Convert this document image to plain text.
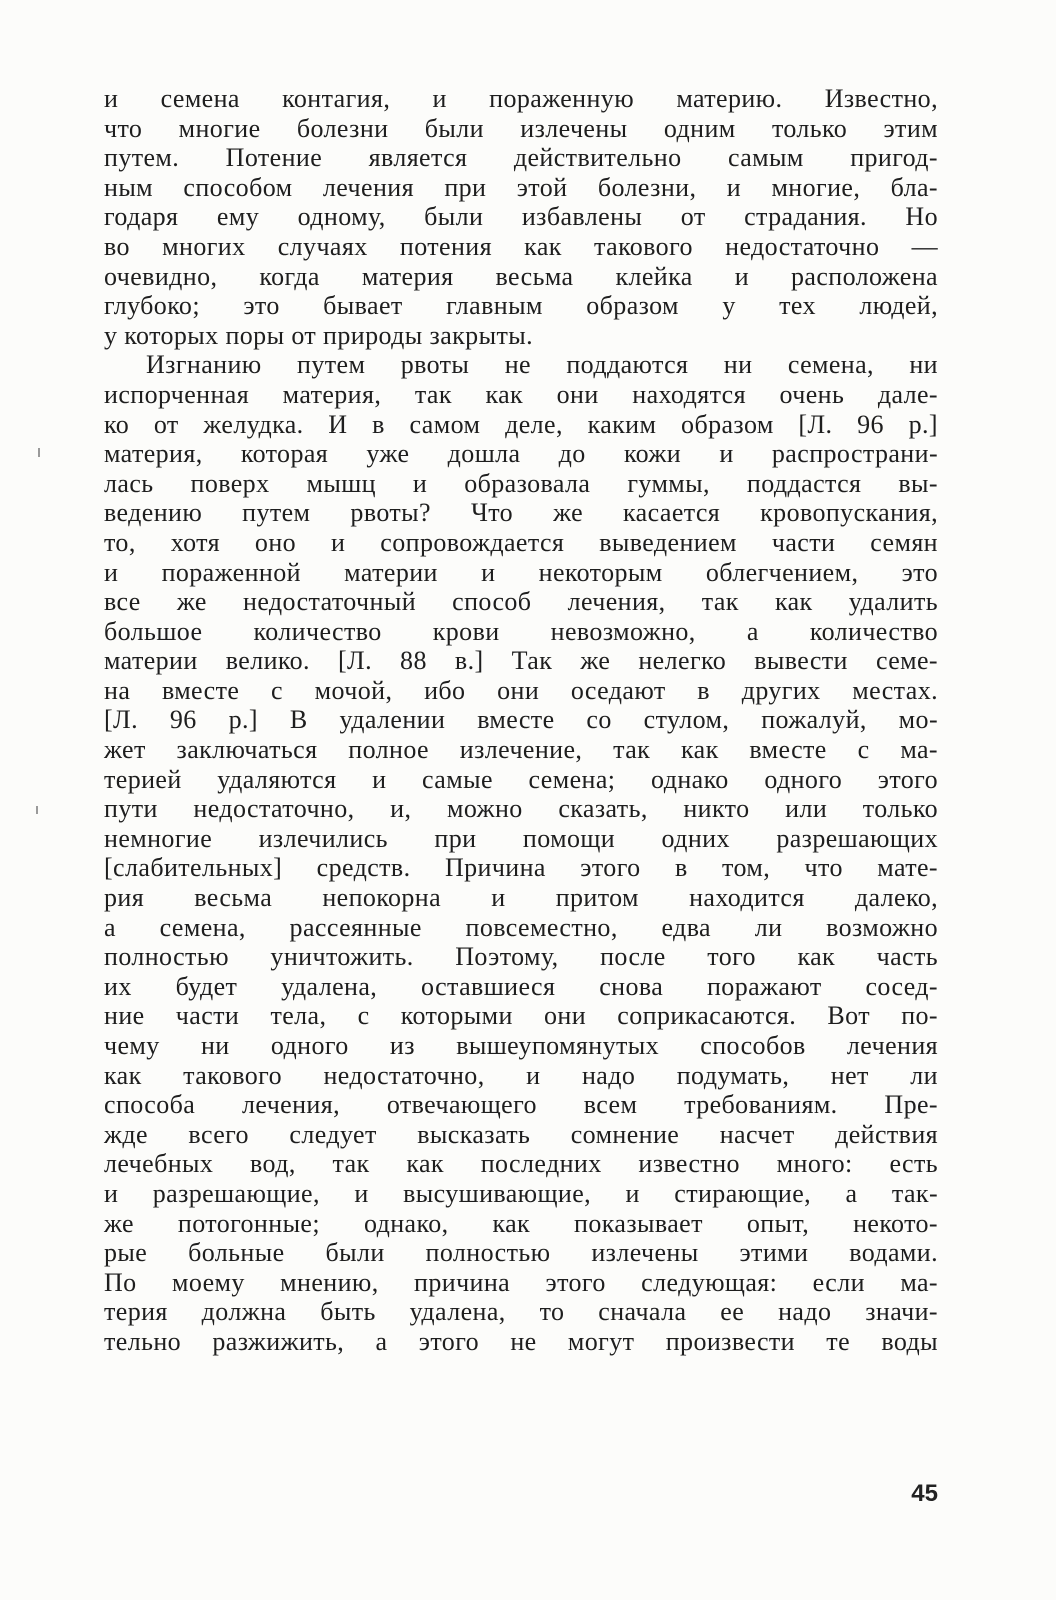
и семена контагия, и пораженную материю. Известно,
что многие болезни были излечены одним только этим
путем. Потение является действительно самым пригод-
ным способом лечения при этой болезни, и многие, бла-
годаря ему одному, были избавлены от страдания. Но
во многих случаях потения как такового недостаточно —
очевидно, когда материя весьма клейка и расположена
глубоко; это бывает главным образом у тех людей,
у которых поры от природы закрыты.
Изгнанию путем рвоты не поддаются ни семена, ни
испорченная материя, так как они находятся очень дале-
ко от желудка. И в самом деле, каким образом [Л. 96 р.]
материя, которая уже дошла до кожи и распространи-
лась поверх мышц и образовала гуммы, поддастся вы-
ведению путем рвоты? Что же касается кровопускания,
то, хотя оно и сопровождается выведением части семян
и пораженной материи и некоторым облегчением, это
все же недостаточный способ лечения, так как удалить
большое количество крови невозможно, а количество
материи велико. [Л. 88 в.] Так же нелегко вывести семе-
на вместе с мочой, ибо они оседают в других местах.
[Л. 96 р.] В удалении вместе со стулом, пожалуй, мо-
жет заключаться полное излечение, так как вместе с ма-
терией удаляются и самые семена; однако одного этого
пути недостаточно, и, можно сказать, никто или только
немногие излечились при помощи одних разрешающих
[слабительных] средств. Причина этого в том, что мате-
рия весьма непокорна и притом находится далеко,
а семена, рассеянные повсеместно, едва ли возможно
полностью уничтожить. Поэтому, после того как часть
их будет удалена, оставшиеся снова поражают сосед-
ние части тела, с которыми они соприкасаются. Вот по-
чему ни одного из вышеупомянутых способов лечения
как такового недостаточно, и надо подумать, нет ли
способа лечения, отвечающего всем требованиям. Пре-
жде всего следует высказать сомнение насчет действия
лечебных вод, так как последних известно много: есть
и разрешающие, и высушивающие, и стирающие, а так-
же потогонные; однако, как показывает опыт, некото-
рые больные были полностью излечены этими водами.
По моему мнению, причина этого следующая: если ма-
терия должна быть удалена, то сначала ее надо значи-
тельно разжижить, а этого не могут произвести те воды
45
